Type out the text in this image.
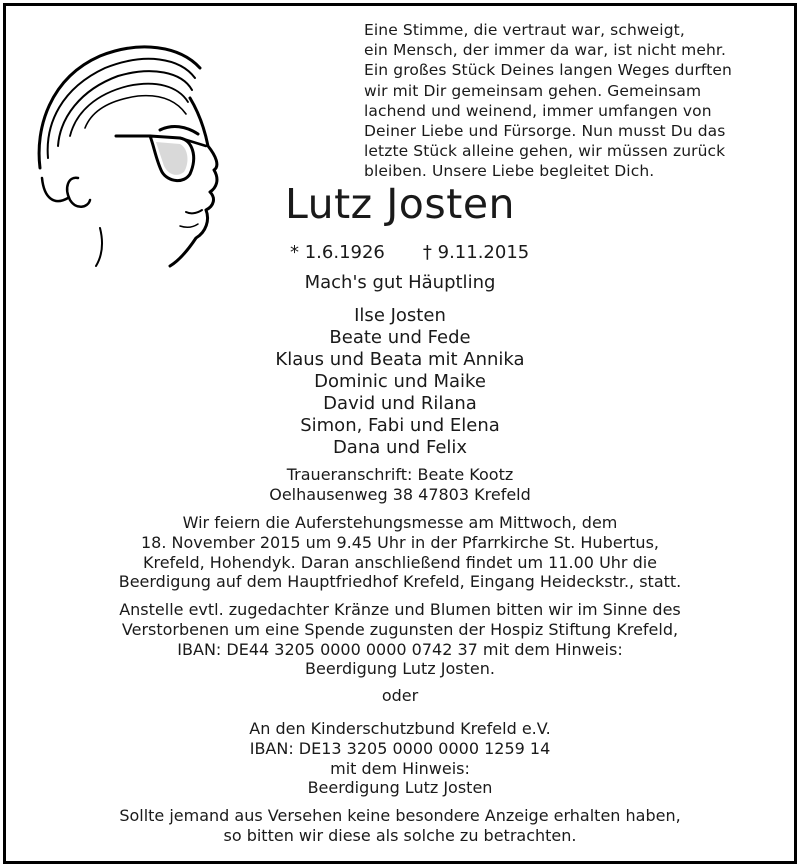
Eine Stimme, die vertraut war, schweigt,
ein Mensch, der immer da war, ist nicht mehr.
Ein großes Stück Deines langen Weges durften
wir mit Dir gemeinsam gehen. Gemeinsam
lachend und weinend, immer umfangen von
Deiner Liebe und Fürsorge. Nun musst Du das
letzte Stück alleine gehen, wir müssen zurück
bleiben. Unsere Liebe begleitet Dich.
Lutz Josten
* 1.6.1926 † 9.11.2015
Mach's gut Häuptling
Ilse Josten
Beate und Fede
Klaus und Beata mit Annika
Dominic und Maike
David und Rilana
Simon, Fabi und Elena
Dana und Felix
Traueranschrift: Beate Kootz
Oelhausenweg 38 47803 Krefeld
Wir feiern die Auferstehungsmesse am Mittwoch, dem
18. November 2015 um 9.45 Uhr in der Pfarrkirche St. Hubertus,
Krefeld, Hohendyk. Daran anschließend findet um 11.00 Uhr die
Beerdigung auf dem Hauptfriedhof Krefeld, Eingang Heideckstr., statt.
Anstelle evtl. zugedachter Kränze und Blumen bitten wir im Sinne des
Verstorbenen um eine Spende zugunsten der Hospiz Stiftung Krefeld,
IBAN: DE44 3205 0000 0000 0742 37 mit dem Hinweis:
Beerdigung Lutz Josten.
oder
An den Kinderschutzbund Krefeld e.V.
IBAN: DE13 3205 0000 0000 1259 14
mit dem Hinweis:
Beerdigung Lutz Josten
Sollte jemand aus Versehen keine besondere Anzeige erhalten haben,
so bitten wir diese als solche zu betrachten.
